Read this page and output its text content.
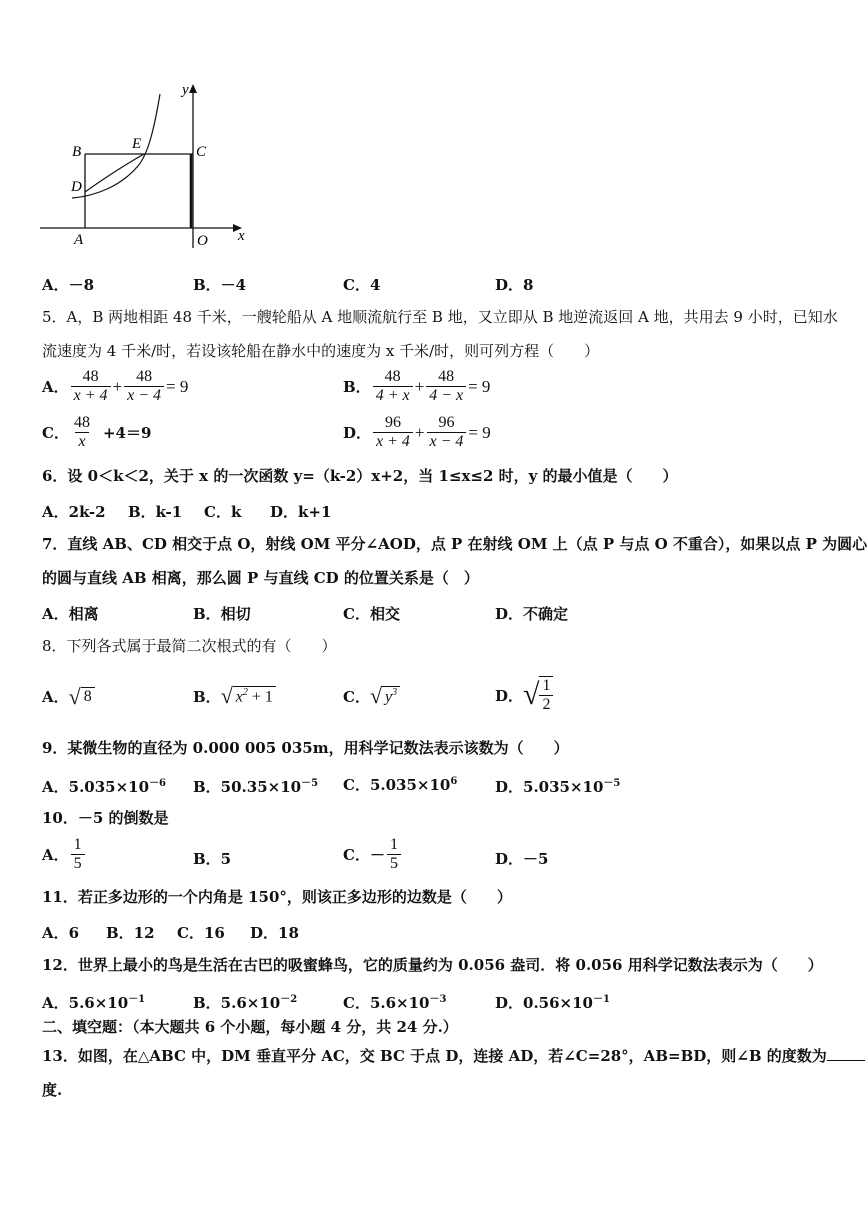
y
x
B	E	C
D
A	O
A．－8	B．－4	C．4	D．8
5．A，B 两地相距 48 千米，一艘轮船从 A 地顺流航行至 B 地，又立即从 B 地逆流返回 A 地，共用去 9 小时，已知水
流速度为 4 千米/时，若设该轮船在静水中的速度为 x 千米/时，则可列方程（　　）
A． $\frac{48}{x + 4} + \frac{48}{x - 4} = 9$	B． $\frac{48}{4 + x} + \frac{48}{4 - x} = 9$
C． $\frac{48}{x} +4=9$	D． $\frac{96}{x + 4} + \frac{96}{x - 4} = 9$
6．设 0＜k＜2，关于 x 的一次函数 y=（k-2）x+2，当 1≤x≤2 时，y 的最小值是（　　）
A．2k-2 B．k-1 C．k D．k+1
7．直线 AB、CD 相交于点 O，射线 OM 平分∠AOD，点 P 在射线 OM 上（点 P 与点 O 不重合），如果以点 P 为圆心
的圆与直线 AB 相离，那么圆 P 与直线 CD 的位置关系是（　）
A．相离	B．相切	C．相交	D．不确定
8．下列各式属于最简二次根式的有（　　）
A． √ 8	B． √ $x^2 + 1$	C． √ $y^3$	D． √ $\frac{1}{2}$
9．某微生物的直径为 0.000 005 035m，用科学记数法表示该数为（　　）
A．$5.035\times 10^{-6}$ B．$50.35\times 10^{-5}$ C．$5.035\times 10^6$	D．$5.035\times 10^{-5}$
10．－5 的倒数是
A． $\frac{1}{5}$	B．5	C． － $\frac{1}{5}$	D．－5
11．若正多边形的一个内角是 150°，则该正多边形的边数是（　　）
A．6 B．12 C．16 D．18
12．世界上最小的鸟是生活在古巴的吸蜜蜂鸟，它的质量约为 0.056 盎司．将 0.056 用科学记数法表示为（　　）
A．$5.6\times 10^{-1}$	B．$5.6\times 10^{-2}$	C．$5.6\times 10^{-3}$	D．$0.56\times 10^{-1}$
二、填空题：（本大题共 6 个小题，每小题 4 分，共 24 分.）
13．如图，在△ABC 中，DM 垂直平分 AC，交 BC 于点 D，连接 AD，若∠C=28°，AB=BD，则∠B 的度数为
度.
